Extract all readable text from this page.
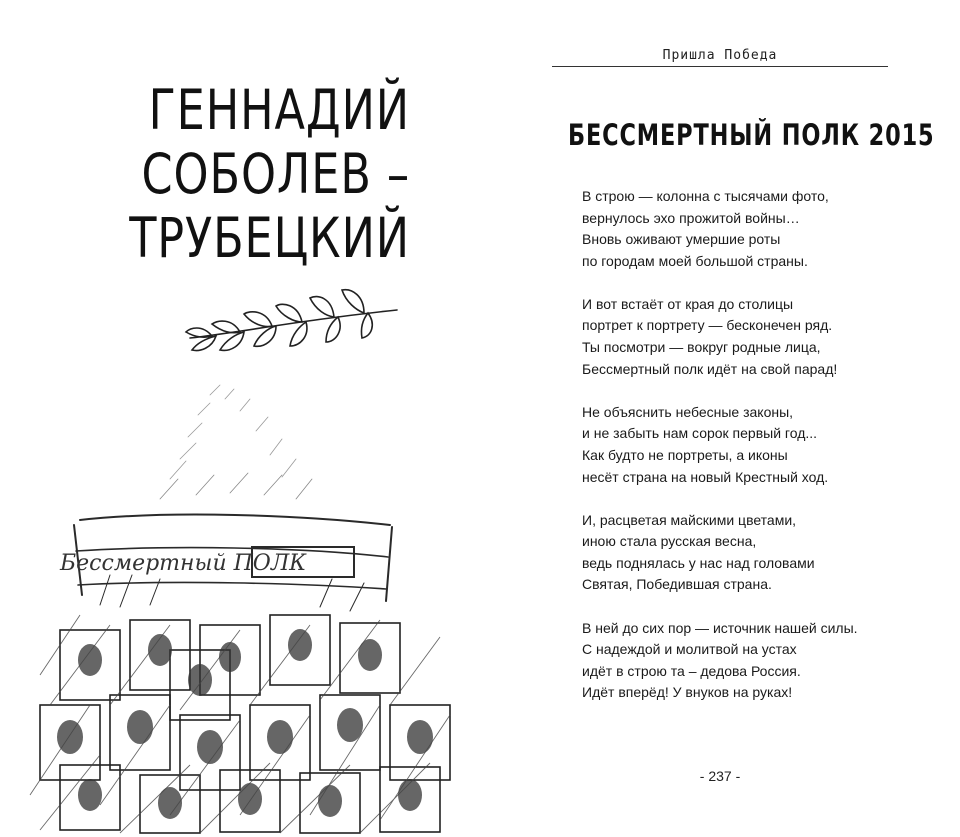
ГЕННАДИЙ
СОБОЛЕВ –
ТРУБЕЦКИЙ
Бессмертный ПОЛК
Пришла Победа
БЕССМЕРТНЫЙ ПОЛК 2015
В строю — колонна с тысячами фото,
вернулось эхо прожитой войны…
Вновь оживают умершие роты
по городам моей большой страны.
И вот встаёт от края до столицы
портрет к портрету — бесконечен ряд.
Ты посмотри — вокруг родные лица,
Бессмертный полк идёт на свой парад!
Не объяснить небесные законы,
и не забыть нам сорок первый год...
Как будто не портреты, а иконы
несёт страна на новый Крестный ход.
И, расцветая майскими цветами,
иною стала русская весна,
ведь поднялась у нас над головами
Святая, Победившая страна.
В ней до сих пор — источник нашей силы.
С надеждой и молитвой на устах
идёт в строю та – дедова Россия.
Идёт вперёд! У внуков на руках!
- 237 -
